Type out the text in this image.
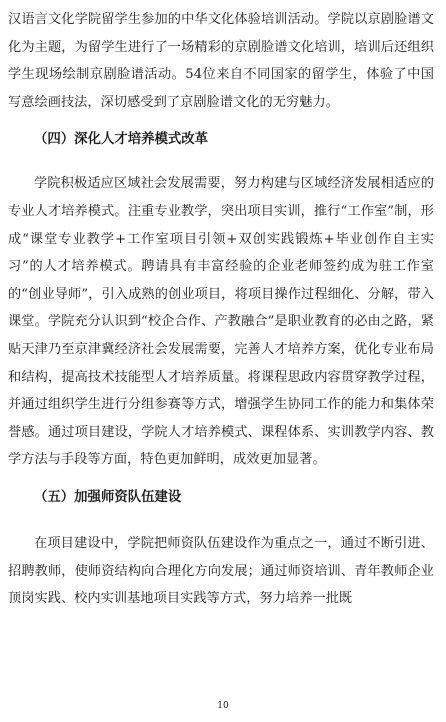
汉语言文化学院留学生参加的中华文化体验培训活动。学院以京剧脸谱文化为主题，为留学生进行了一场精彩的京剧脸谱文化培训，培训后还组织学生现场绘制京剧脸谱活动。54位来自不同国家的留学生，体验了中国写意绘画技法，深切感受到了京剧脸谱文化的无穷魅力。

（四）深化人才培养模式改革

学院积极适应区域社会发展需要，努力构建与区域经济发展相适应的专业人才培养模式。注重专业教学，突出项目实训，推行“工作室”制，形成“课堂专业教学+工作室项目引领+双创实践锻炼+毕业创作自主实习”的人才培养模式。聘请具有丰富经验的企业老师签约成为驻工作室的“创业导师”，引入成熟的创业项目，将项目操作过程细化、分解，带入课堂。学院充分认识到“校企合作、产教融合”是职业教育的必由之路，紧贴天津乃至京津冀经济社会发展需要，完善人才培养方案，优化专业布局和结构，提高技术技能型人才培养质量。将课程思政内容贯穿教学过程，并通过组织学生进行分组参赛等方式，增强学生协同工作的能力和集体荣誉感。通过项目建设，学院人才培养模式、课程体系、实训教学内容、教学方法与手段等方面，特色更加鲜明，成效更加显著。

（五）加强师资队伍建设

在项目建设中，学院把师资队伍建设作为重点之一，通过不断引进、招聘教师，使师资结构向合理化方向发展；通过师资培训、青年教师企业顶岗实践、校内实训基地项目实践等方式，努力培养一批既

10
